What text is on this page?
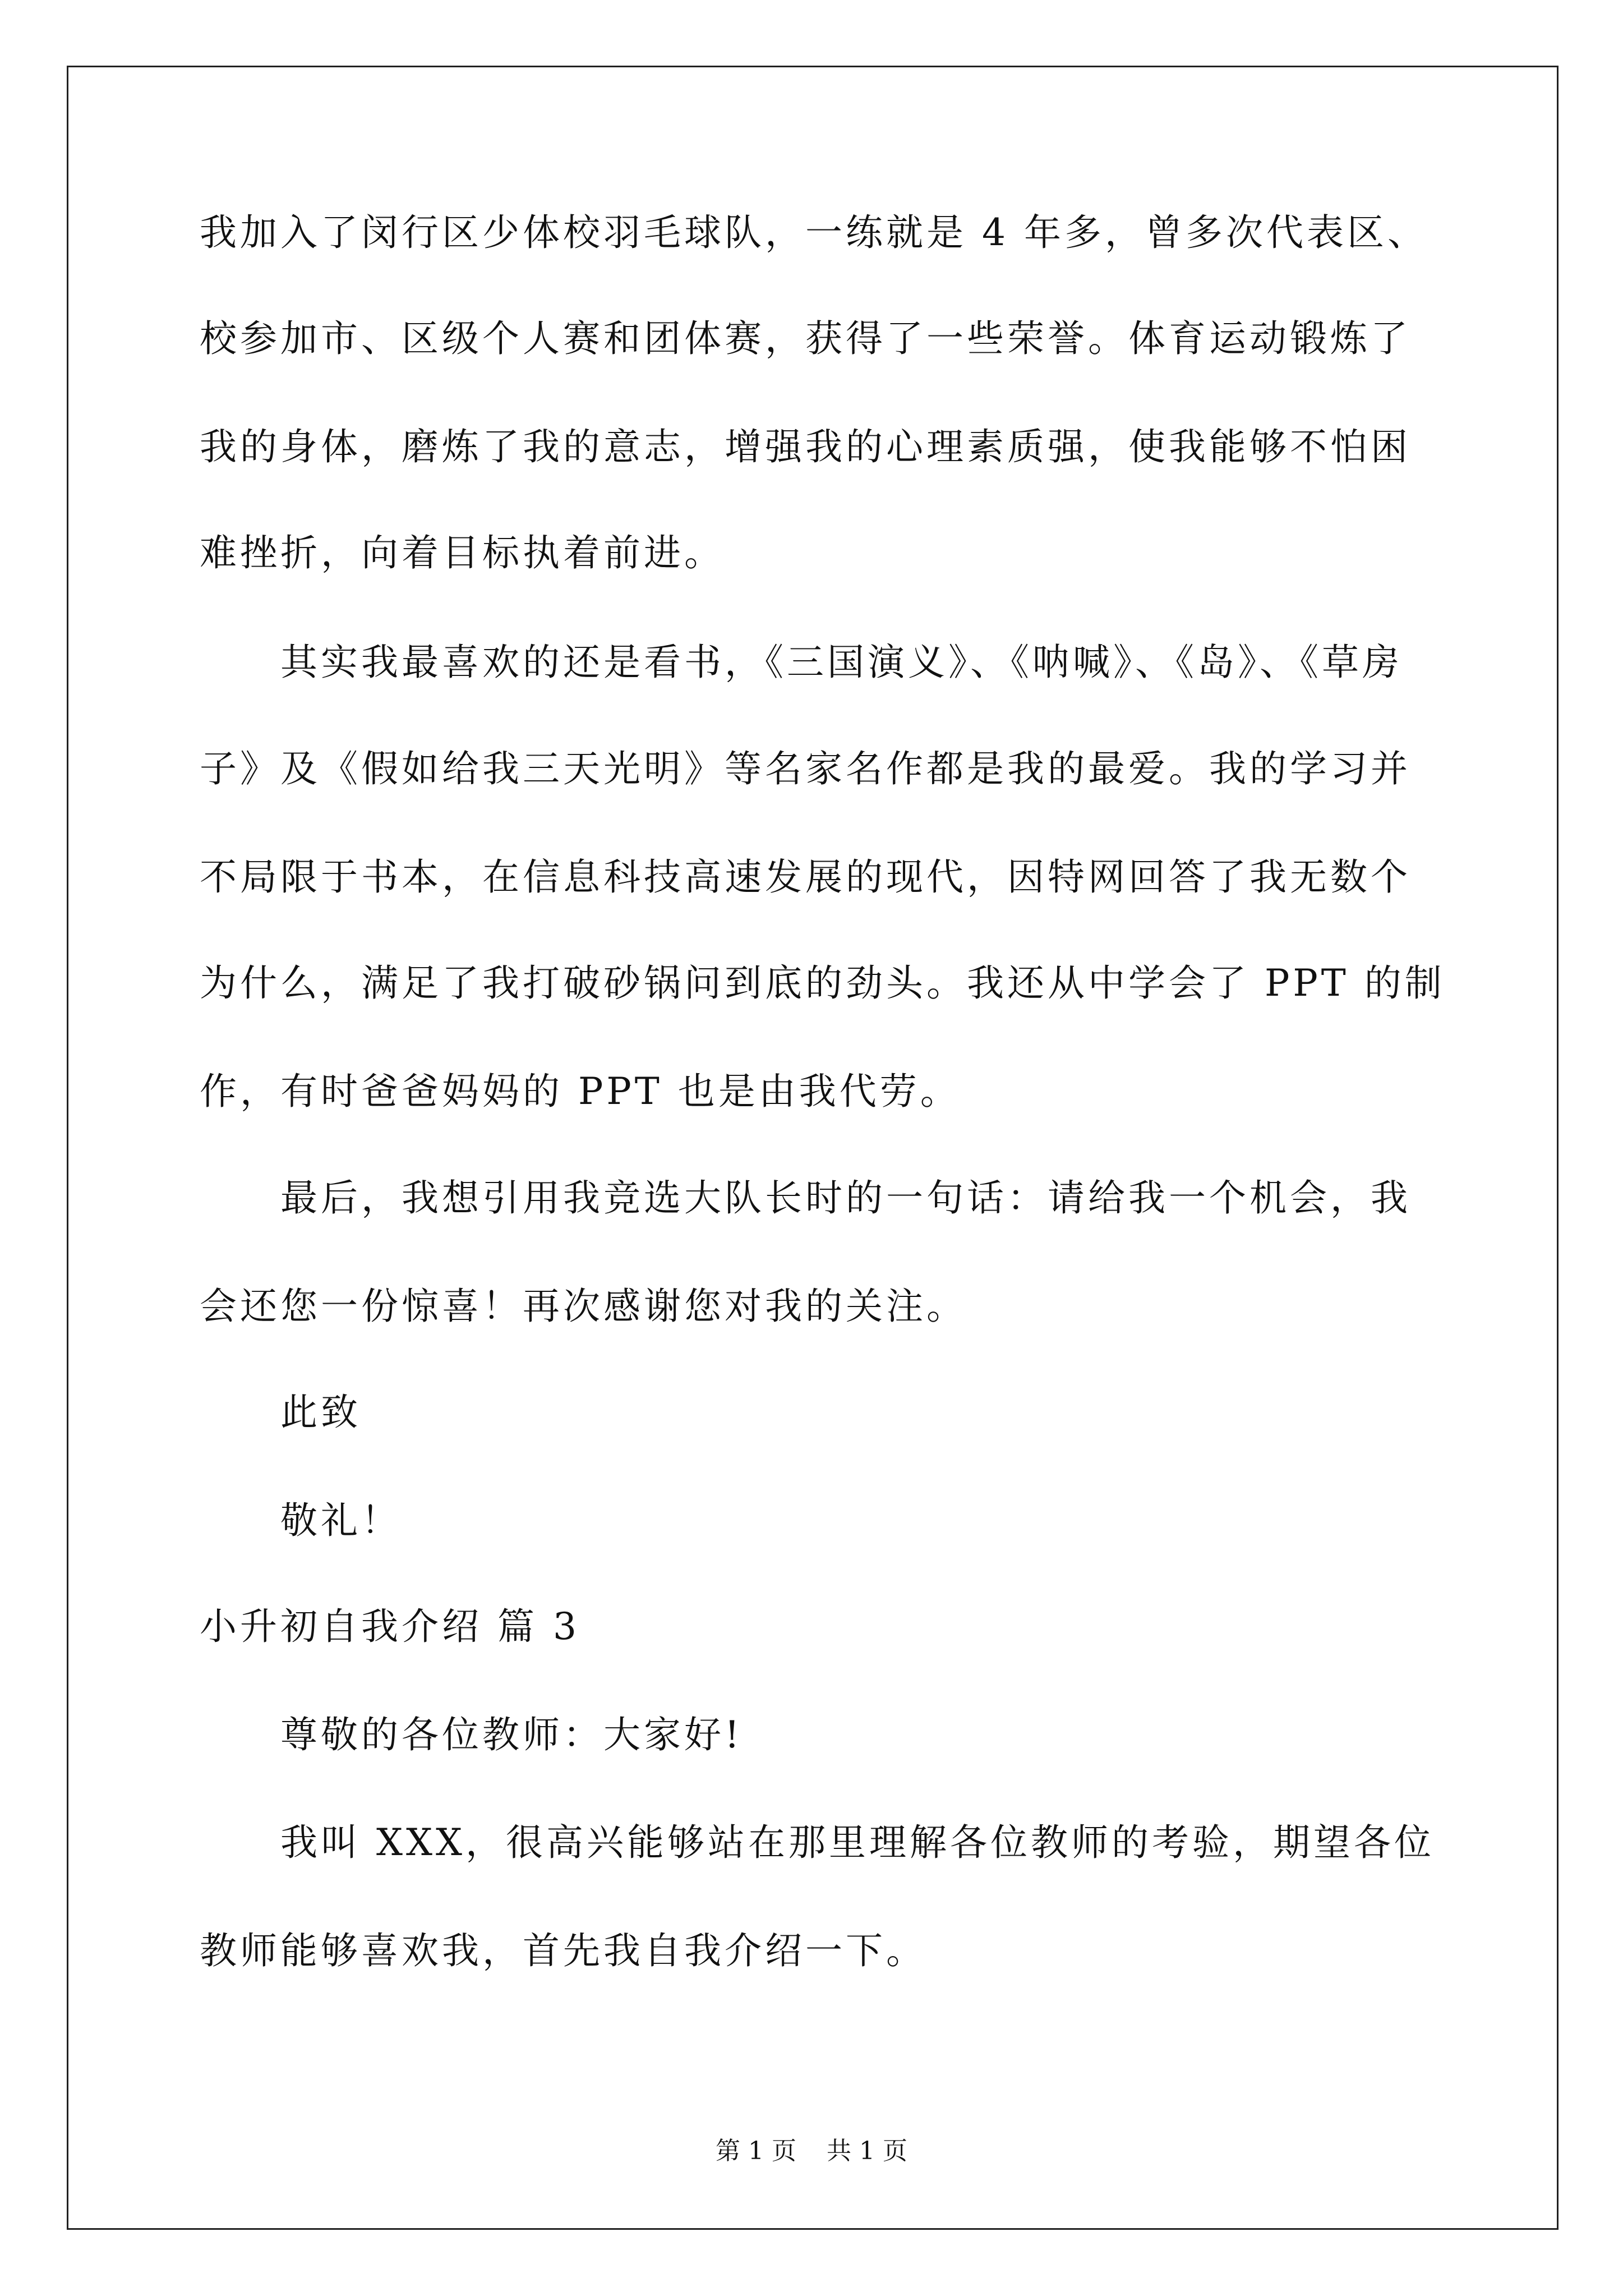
我加入了闵行区少体校羽毛球队，一练就是 4 年多，曾多次代表区、
校参加市、区级个人赛和团体赛，获得了一些荣誉。体育运动锻炼了
我的身体，磨炼了我的意志，增强我的心理素质强，使我能够不怕困
难挫折，向着目标执着前进。
其实我最喜欢的还是看书，《三国演义》、《呐喊》、《岛》、《草房
子》及《假如给我三天光明》等名家名作都是我的最爱。我的学习并
不局限于书本，在信息科技高速发展的现代，因特网回答了我无数个
为什么，满足了我打破砂锅问到底的劲头。我还从中学会了 PPT 的制
作，有时爸爸妈妈的 PPT 也是由我代劳。
最后，我想引用我竞选大队长时的一句话：请给我一个机会，我
会还您一份惊喜！再次感谢您对我的关注。
此致
敬礼！
小升初自我介绍 篇 3
尊敬的各位教师：大家好!
我叫 XXX，很高兴能够站在那里理解各位教师的考验，期望各位
教师能够喜欢我，首先我自我介绍一下。
第 1 页 共 1 页
